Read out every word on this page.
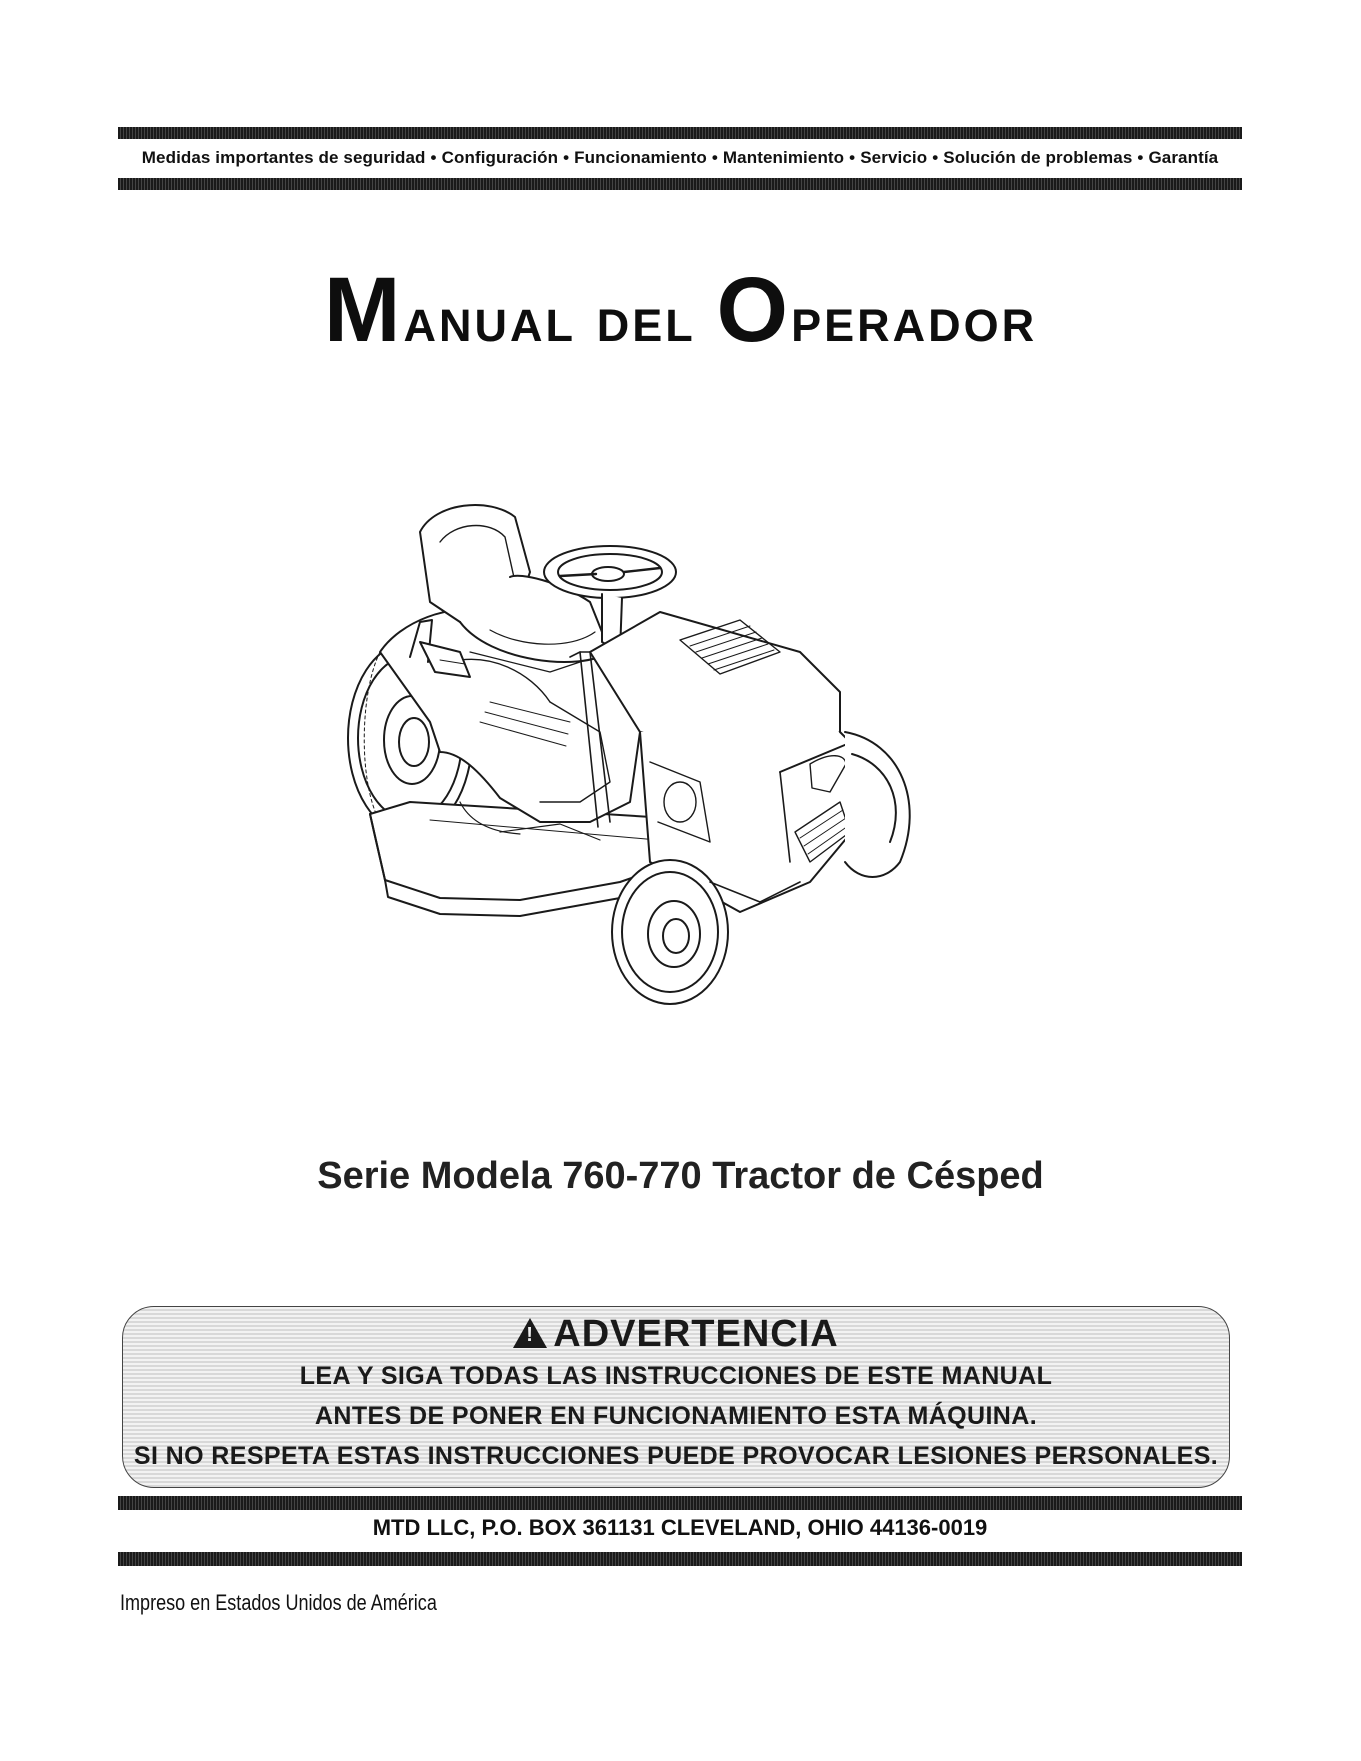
Medidas importantes de seguridad • Configuración • Funcionamiento • Mantenimiento • Servicio • Solución de problemas • Garantía
Manual del Operador
Serie Modela 760-770 Tractor de Césped
!ADVERTENCIA
LEA Y SIGA TODAS LAS INSTRUCCIONES DE ESTE MANUAL
ANTES DE PONER EN FUNCIONAMIENTO ESTA MÁQUINA.
SI NO RESPETA ESTAS INSTRUCCIONES PUEDE PROVOCAR LESIONES PERSONALES.
MTD LLC, P.O. BOX 361131 CLEVELAND, OHIO 44136-0019
Impreso en Estados Unidos de América
